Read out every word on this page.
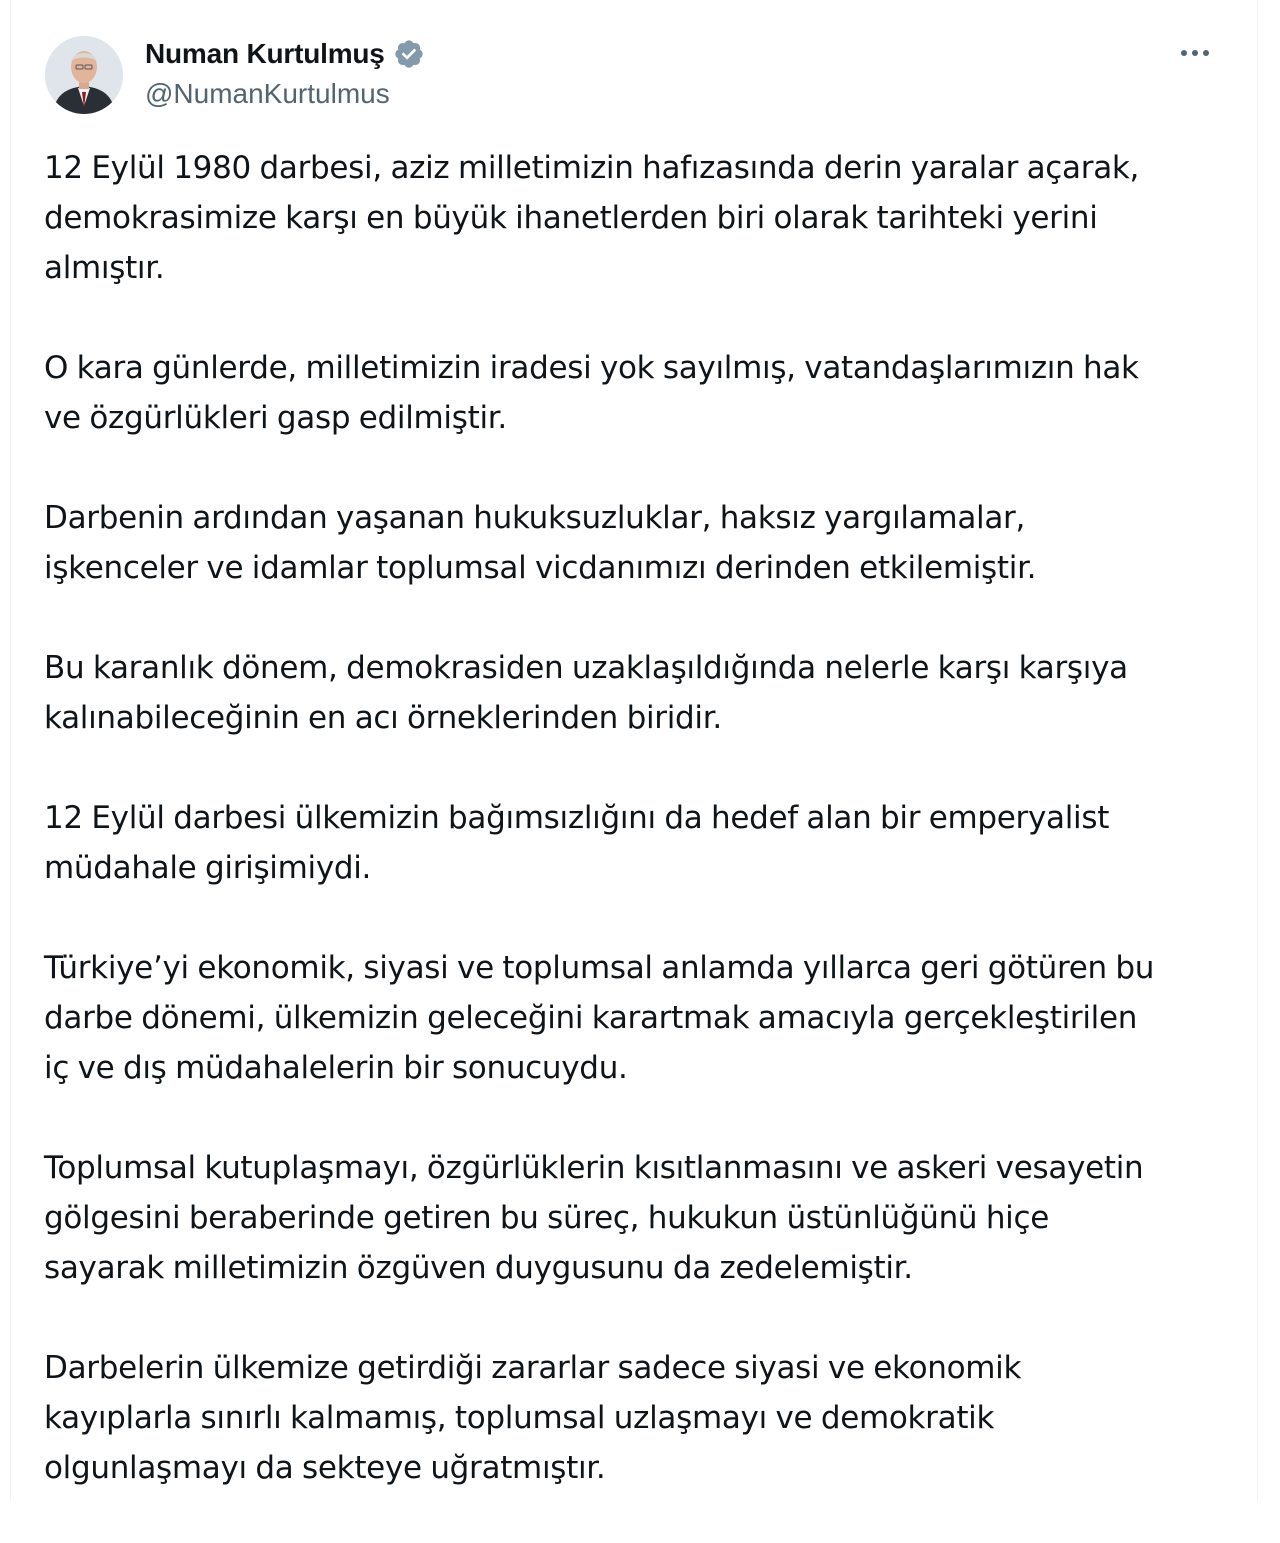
Numan Kurtulmuş
@NumanKurtulmus

12 Eylül 1980 darbesi, aziz milletimizin hafızasında derin yaralar açarak,
demokrasimize karşı en büyük ihanetlerden biri olarak tarihteki yerini
almıştır.

O kara günlerde, milletimizin iradesi yok sayılmış, vatandaşlarımızın hak
ve özgürlükleri gasp edilmiştir.

Darbenin ardından yaşanan hukuksuzluklar, haksız yargılamalar,
işkenceler ve idamlar toplumsal vicdanımızı derinden etkilemiştir.

Bu karanlık dönem, demokrasiden uzaklaşıldığında nelerle karşı karşıya
kalınabileceğinin en acı örneklerinden biridir.

12 Eylül darbesi ülkemizin bağımsızlığını da hedef alan bir emperyalist
müdahale girişimiydi.

Türkiye’yi ekonomik, siyasi ve toplumsal anlamda yıllarca geri götüren bu
darbe dönemi, ülkemizin geleceğini karartmak amacıyla gerçekleştirilen
iç ve dış müdahalelerin bir sonucuydu.

Toplumsal kutuplaşmayı, özgürlüklerin kısıtlanmasını ve askeri vesayetin
gölgesini beraberinde getiren bu süreç, hukukun üstünlüğünü hiçe
sayarak milletimizin özgüven duygusunu da zedelemiştir.

Darbelerin ülkemize getirdiği zararlar sadece siyasi ve ekonomik
kayıplarla sınırlı kalmamış, toplumsal uzlaşmayı ve demokratik
olgunlaşmayı da sekteye uğratmıştır.
